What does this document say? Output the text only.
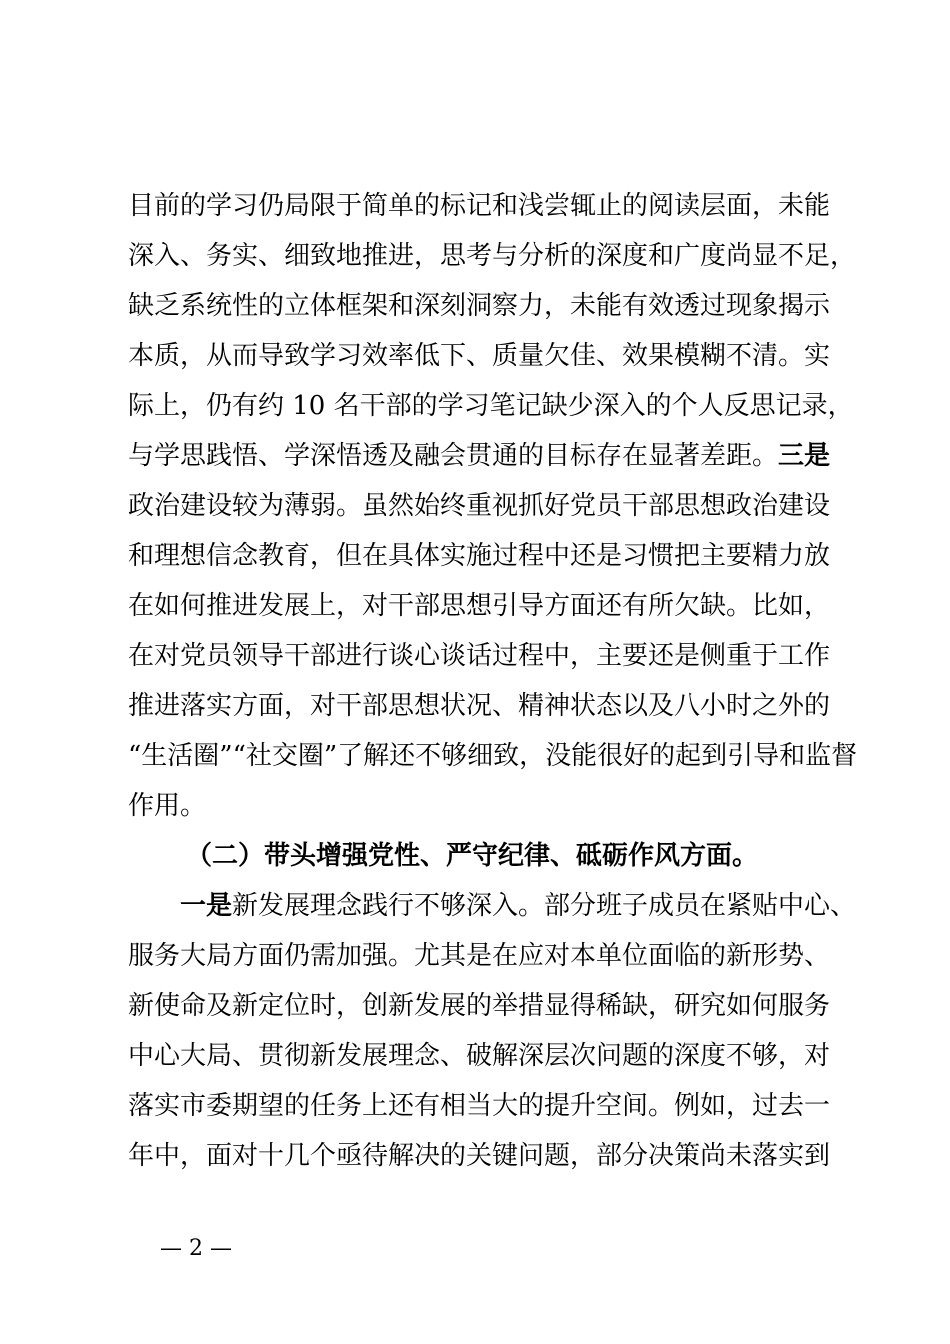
目前的学习仍局限于简单的标记和浅尝辄止的阅读层面，未能
深入、务实、细致地推进，思考与分析的深度和广度尚显不足，
缺乏系统性的立体框架和深刻洞察力，未能有效透过现象揭示
本质，从而导致学习效率低下、质量欠佳、效果模糊不清。实
际上，仍有约 10 名干部的学习笔记缺少深入的个人反思记录，
与学思践悟、学深悟透及融会贯通的目标存在显著差距。三是
政治建设较为薄弱。虽然始终重视抓好党员干部思想政治建设
和理想信念教育，但在具体实施过程中还是习惯把主要精力放
在如何推进发展上，对干部思想引导方面还有所欠缺。比如，
在对党员领导干部进行谈心谈话过程中，主要还是侧重于工作
推进落实方面，对干部思想状况、精神状态以及八小时之外的
“生活圈”“社交圈”了解还不够细致，没能很好的起到引导和监督
作用。
（二）带头增强党性、严守纪律、砥砺作风方面。
一是新发展理念践行不够深入。部分班子成员在紧贴中心、
服务大局方面仍需加强。尤其是在应对本单位面临的新形势、
新使命及新定位时，创新发展的举措显得稀缺，研究如何服务
中心大局、贯彻新发展理念、破解深层次问题的深度不够，对
落实市委期望的任务上还有相当大的提升空间。例如，过去一
年中，面对十几个亟待解决的关键问题，部分决策尚未落实到
— 2 —
